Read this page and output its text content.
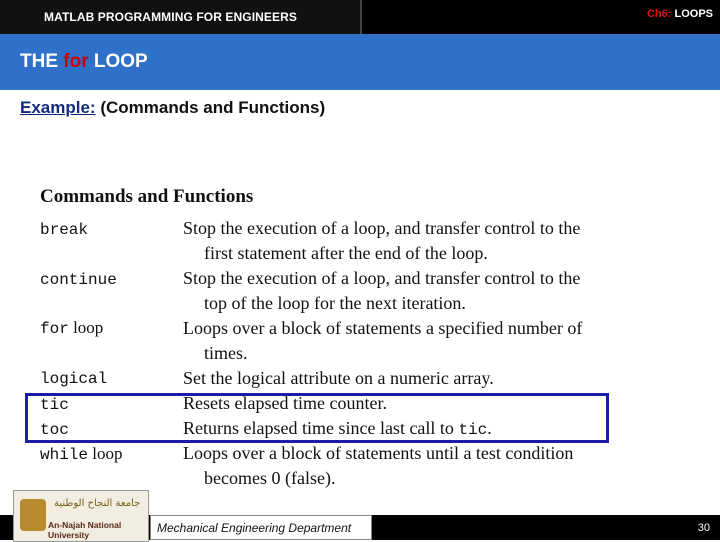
MATLAB PROGRAMMING FOR ENGINEERS	Ch6: LOOPS
THE for LOOP
Example: (Commands and Functions)
Commands and Functions
break	Stop the execution of a loop, and transfer control to the
first statement after the end of the loop.
continue	Stop the execution of a loop, and transfer control to the
top of the loop for the next iteration.
for loop	Loops over a block of statements a specified number of
times.
logical	Set the logical attribute on a numeric array.
tic	Resets elapsed time counter.
toc	Returns elapsed time since last call to tic.
while loop	Loops over a block of statements until a test condition
becomes 0 (false).
جامعة النجاح الوطنية
An-Najah National University	Mechanical Engineering Department	30
